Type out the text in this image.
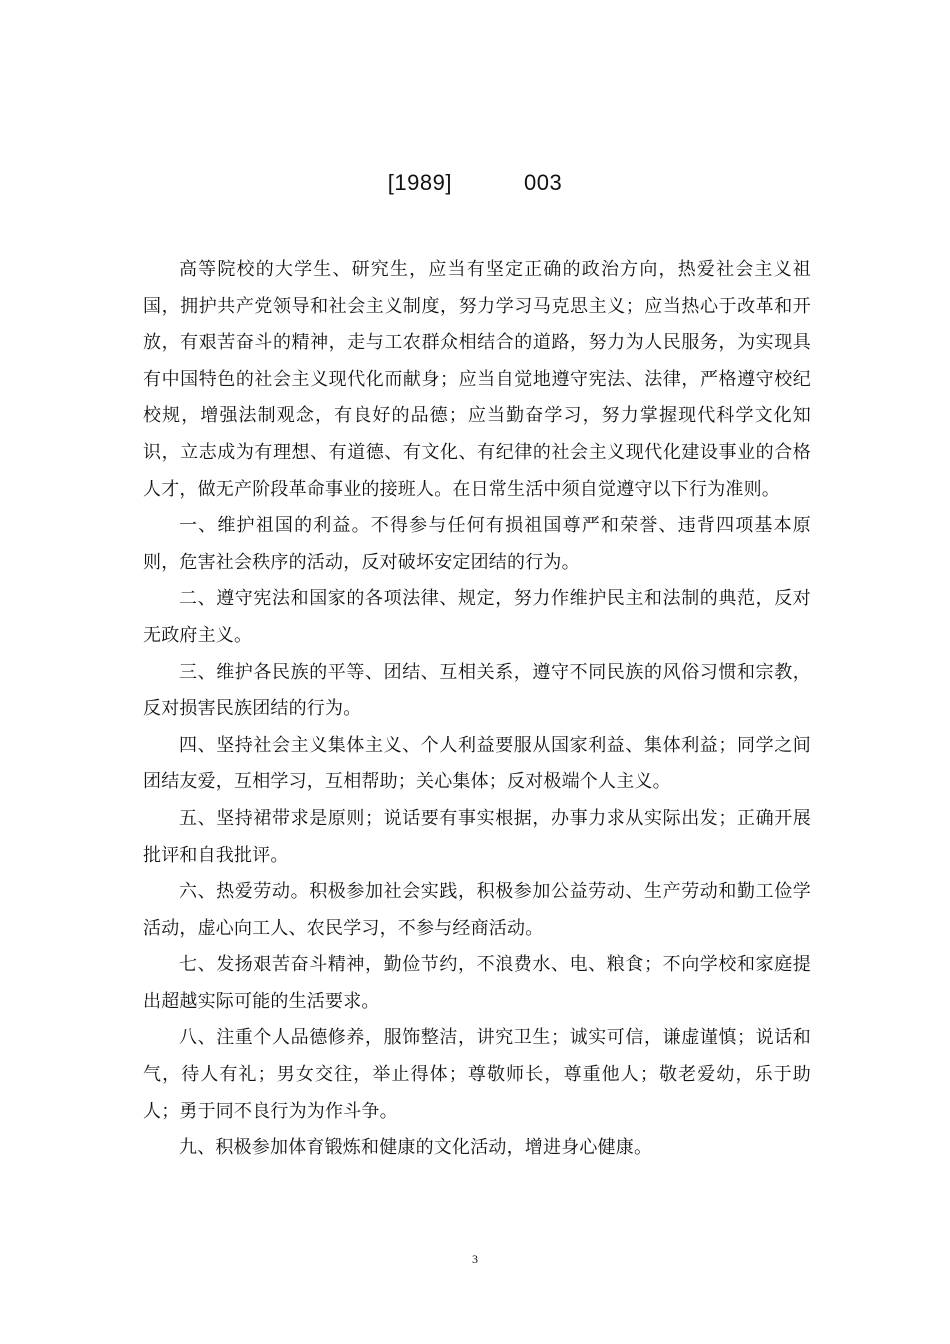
[1989]	003

高等院校的大学生、研究生，应当有坚定正确的政治方向，热爱社会主义祖国，拥护共产党领导和社会主义制度，努力学习马克思主义；应当热心于改革和开放，有艰苦奋斗的精神，走与工农群众相结合的道路，努力为人民服务，为实现具有中国特色的社会主义现代化而献身；应当自觉地遵守宪法、法律，严格遵守校纪校规，增强法制观念，有良好的品德；应当勤奋学习，努力掌握现代科学文化知识，立志成为有理想、有道德、有文化、有纪律的社会主义现代化建设事业的合格人才，做无产阶段革命事业的接班人。在日常生活中须自觉遵守以下行为准则。

一、维护祖国的利益。不得参与任何有损祖国尊严和荣誉、违背四项基本原则，危害社会秩序的活动，反对破坏安定团结的行为。

二、遵守宪法和国家的各项法律、规定，努力作维护民主和法制的典范，反对无政府主义。

三、维护各民族的平等、团结、互相关系，遵守不同民族的风俗习惯和宗教，反对损害民族团结的行为。

四、坚持社会主义集体主义、个人利益要服从国家利益、集体利益；同学之间团结友爱，互相学习，互相帮助；关心集体；反对极端个人主义。

五、坚持裙带求是原则；说话要有事实根据，办事力求从实际出发；正确开展批评和自我批评。

六、热爱劳动。积极参加社会实践，积极参加公益劳动、生产劳动和勤工俭学活动，虚心向工人、农民学习，不参与经商活动。

七、发扬艰苦奋斗精神，勤俭节约，不浪费水、电、粮食；不向学校和家庭提出超越实际可能的生活要求。

八、注重个人品德修养，服饰整洁，讲究卫生；诚实可信，谦虚谨慎；说话和气，待人有礼；男女交往，举止得体；尊敬师长，尊重他人；敬老爱幼，乐于助人；勇于同不良行为为作斗争。

九、积极参加体育锻炼和健康的文化活动，增进身心健康。

3
